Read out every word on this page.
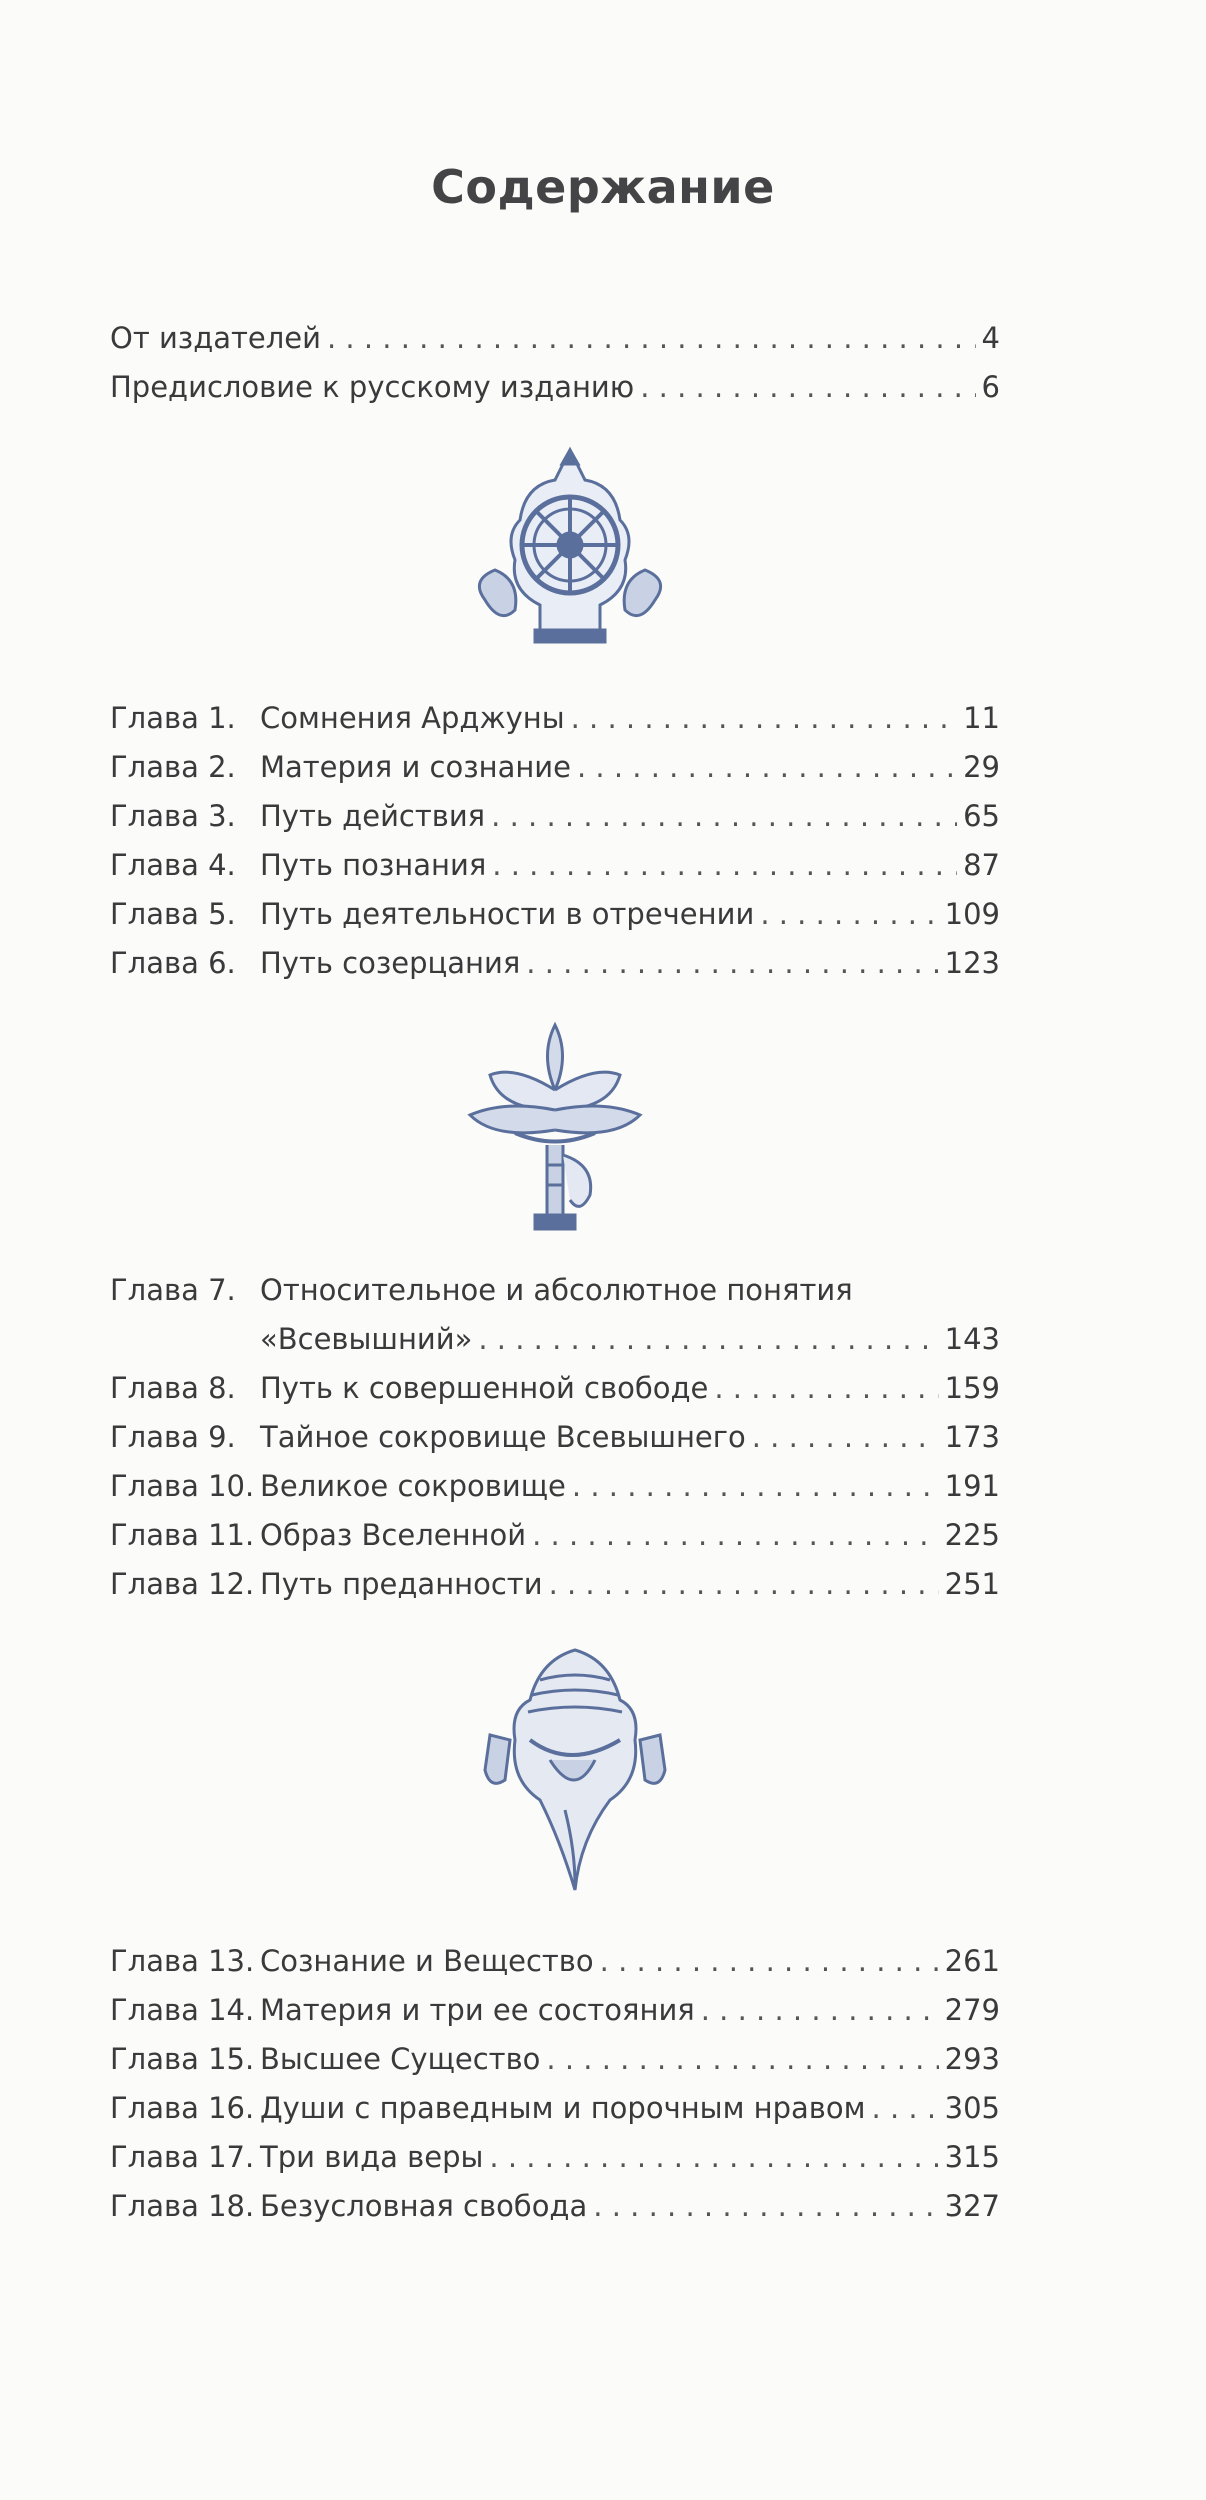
Содержание
От издателей . . .	4
Предисловие к русскому изданию . . .	6
Глава 1. Сомнения Арджуны . . .	11
Глава 2. Материя и сознание . . .	29
Глава 3. Путь действия . . .	65
Глава 4. Путь познания . . .	87
Глава 5. Путь деятельности в отречении . . .	109
Глава 6. Путь созерцания . . .	123
Глава 7. Относительное и абсолютное понятия
«Всевышний» . . .	143
Глава 8. Путь к совершенной свободе . . .	159
Глава 9. Тайное сокровище Всевышнего . . .	173
Глава 10. Великое сокровище . . .	191
Глава 11. Образ Вселенной . . .	225
Глава 12. Путь преданности . . .	251
Глава 13. Сознание и Вещество . . .	261
Глава 14. Материя и три ее состояния . . .	279
Глава 15. Высшее Существо . . .	293
Глава 16. Души с праведным и порочным нравом . . .	305
Глава 17. Три вида веры . . .	315
Глава 18. Безусловная свобода . . .	327
